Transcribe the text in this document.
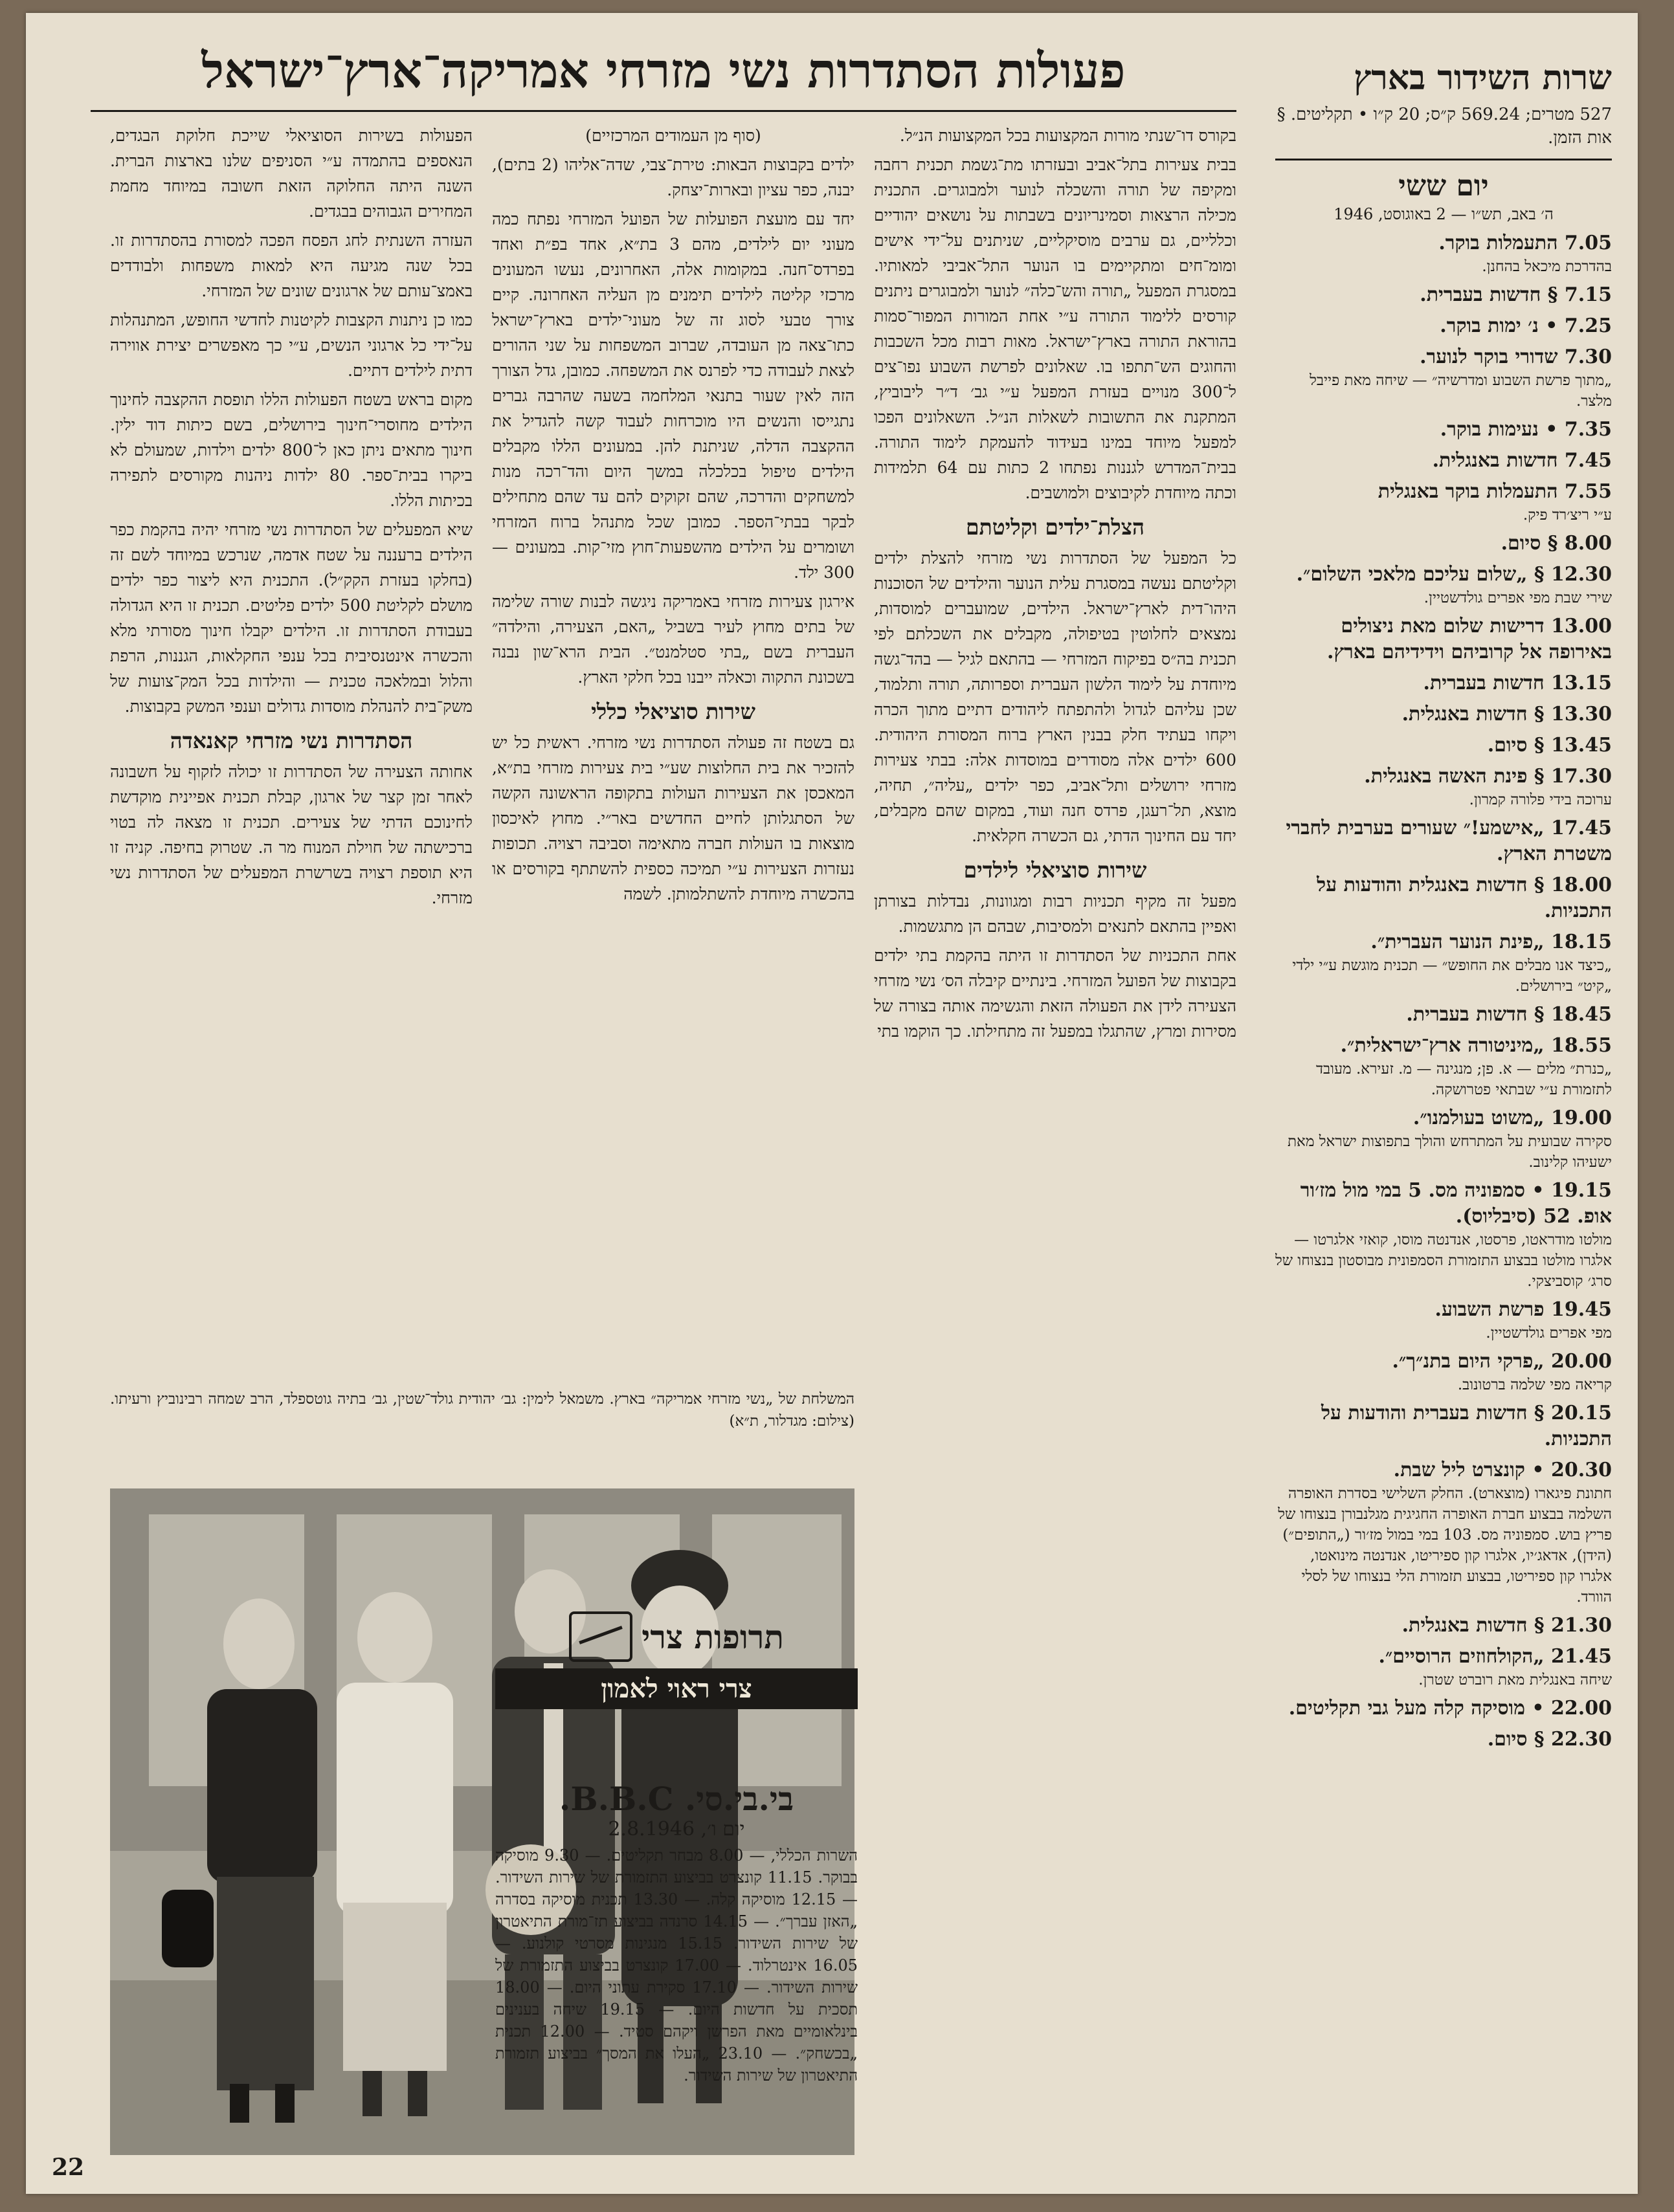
שרות השידור בארץ
527 מטרים; 569.24 ק״ס; 20 ק״ו • תקליטים. § אות הזמן.
יום ששי
ה׳ באב, תש״ו — 2 באוגוסט, 1946
7.05 התעמלות בוקר.
בהדרכת מיכאל בהחנן.
7.15 § חדשות בעברית.
7.25 • נ׳ ימות בוקר.
7.30 שדורי בוקר לנוער.
„מתוך פרשת השבוע ומדרשיה״ — שיחה מאת פייבל מלצר.
7.35 • נעימות בוקר.
7.45 חדשות באנגלית.
7.55 התעמלות בוקר באנגלית
ע״י ריצ׳רד פיק.
8.00 § סיום.
12.30 § „שלום עליכם מלאכי השלום״.
שירי שבת מפי אפרים גולדשטיין.
13.00 דרישות שלום מאת ניצולים באירופה אל קרוביהם וידידיהם בארץ.
13.15 חדשות בעברית.
13.30 § חדשות באנגלית.
13.45 § סיום.
17.30 § פינת האשה באנגלית.
ערוכה בידי פלורה קמרון.
17.45 „אישמע!״ שעורים בערבית לחברי משטרת הארץ.
18.00 § חדשות באנגלית והודעות על התכניות.
18.15 „פינת הנוער העברית״.
„כיצד אנו מבלים את החופש״ — תכנית מוגשת ע״י ילדי „קיט״ בירושלים.
18.45 § חדשות בעברית.
18.55 „מיניטורה ארץ־ישראלית״.
„כנרת״ מלים — א. פן; מנגינה — מ. זעירא. מעובד לתזמורת ע״י שבתאי פטרושקה.
19.00 „משוט בעולמנו״.
סקירה שבועית על המתרחש והולך בתפוצות ישראל מאת ישעיהו קלינוב.
19.15 • סמפוניה מס. 5 במי מול מז׳ור אופ. 52 (סיבליוס).
מולטו מודראטו, פרסטו, אנדנטה מוסו, קואזי אלגרטו — אלגרו מולטו בבצוע התזמורת הסמפונית מבוסטון בנצוחו של סרג׳ קוסביצקי.
19.45 פרשת השבוע.
מפי אפרים גולדשטיין.
20.00 „פרקי היום בתנ״ך״.
קריאה מפי שלמה ברטונוב.
20.15 § חדשות בעברית והודעות על התכניות.
20.30 • קונצרט ליל שבת.
חתונת פיגארו (מוצארט). החלק השלישי בסדרת האופרה השלמה בבצוע חברת האופרה החגיגית מגלנבורן בנצוחו של פריץ בוש. סמפוניה מס. 103 במי במול מז׳ור („התופים״) (הידן), אדאג׳יו, אלגרו קון ספיריטו, אנדנטה מינואטו, אלגרו קון ספיריטו, בבצוע תזמורת הלי בנצוחו של לסלי הוורד.
21.30 § חדשות באנגלית.
21.45 „הקולחוזים הרוסיים״.
שיחה באנגלית מאת רוברט שטרן.
22.00 • מוסיקה קלה מעל גבי תקליטים.
22.30 § סיום.
פעולות הסתדרות נשי מזרחי אמריקה־ארץ־ישראל

בקורס דו־שנתי מורות המקצועות בכל המקצועות הנ״ל.

בבית צעירות בתל־אביב ובעזרתו מת־גשמת תכנית רחבה ומקיפה של תורה והשכלה לנוער ולמבוגרים. התכנית מכילה הרצאות וסמינריונים בשבתות על נושאים יהודיים וכלליים, גם ערבים מוסיקליים, שניתנים על־ידי אישים ומומ־חים ומתקיימים בו הנוער התל־אביבי למאותיו. במסגרת המפעל „תורה והש־כלה״ לנוער ולמבוגרים ניתנים קורסים ללימוד התורה ע״י אחת המורות המפור־סמות בהוראת התורה בארץ־ישראל. מאות רבות מכל השכבות והחוגים הש־תתפו בו. שאלונים לפרשת השבוע נפו־צים ל־300 מנויים בעזרת המפעל ע״י גב׳ ד״ר ליבוביץ, המתקנת את התשובות לשאלות הנ״ל. השאלונים הפכו למפעל מיוחד במינו בעידוד להעמקת לימוד התורה. בבית־המדרש לגננות נפתחו 2 כתות עם 64 תלמידות וכתה מיוחדת לקיבוצים ולמושבים.

הצלת־ילדים וקליטתם

כל המפעל של הסתדרות נשי מזרחי להצלת ילדים וקליטתם נעשה במסגרת עלית הנוער והילדים של הסוכנות היהו־דית לארץ־ישראל. הילדים, שמועברים למוסדות, נמצאים לחלוטין בטיפולה, מקבלים את השכלתם לפי תכנית בה״ס בפיקוח המזרחי — בהתאם לגיל — בהד־גשה מיוחדת על לימוד הלשון העברית וספרותה, תורה ותלמוד, שכן עליהם לגדול ולהתפתח ליהודים דתיים מתוך הכרה ויקחו בעתיד חלק בבנין הארץ ברוח המסורת היהודית. 600 ילדים אלה מסודרים במוסדות אלה: בבתי צעירות מזרחי ירושלים ותל־אביב, כפר ילדים „עליה״, תחיה, מוצא, תל־רעגן, פרדס חנה ועוד, במקום שהם מקבלים, יחד עם החינוך הדתי, גם הכשרה חקלאית.

שירות סוציאלי לילדים

מפעל זה מקיף תכניות רבות ומגוונות, נבדלות בצורתן ואפיין בהתאם לתנאים ולמסיבות, שבהם הן מתגשמות.

אחת התכניות של הסתדרות זו היתה בהקמת בתי ילדים בקבוצות של הפועל המזרחי. בינתיים קיבלה הס׳ נשי מזרחי הצעירה לידן את הפעולה הזאת והגשימה אותה בצורה של מסירות ומרץ, שהתגלו במפעל זה מתחילתו. כך הוקמו בתי

(סוף מן העמודים המרכזיים)

ילדים בקבוצות הבאות: טירת־צבי, שדה־אליהו (2 בתים), יבנה, כפר עציון ובארות־יצחק.

יחד עם מועצת הפועלות של הפועל המזרחי נפתח כמה מעוני יום לילדים, מהם 3 בת״א, אחד בפ״ת ואחד בפרדס־חנה. במקומות אלה, האחרונים, נעשו המעונים מרכזי קליטה לילדים תימנים מן העליה האחרונה. קיים צורך טבעי לסוג זה של מעוני־ילדים בארץ־ישראל כתו־צאה מן העובדה, שברוב המשפחות על שני ההורים לצאת לעבודה כדי לפרנס את המשפחה. כמובן, גדל הצורך הזה לאין שעור בתנאי המלחמה בשעה שהרבה גברים נתגייסו והנשים היו מוכרחות לעבוד קשה להגדיל את ההקצבה הדלה, שניתנת להן. במעונים הללו מקבלים הילדים טיפול בכלכלה במשך היום והד־רכה מנות למשחקים והדרכה, שהם זקוקים להם עד שהם מתחילים לבקר בבתי־הספר. כמובן שכל מתנהל ברוח המזרחי ושומרים על הילדים מהשפעות־חוץ מזי־קות. במעונים — 300 ילד.

אירגון צעירות מזרחי באמריקה ניגשה לבנות שורה שלימה של בתים מחוץ לעיר בשביל „האם, הצעירה, והילדה״ העברית בשם „בתי סטלמנט״. הבית הרא־שון נבנה בשכונת התקוה וכאלה ייבנו בכל חלקי הארץ.

שירות סוציאלי כללי

גם בשטח זה פעולה הסתדרות נשי מזרחי. ראשית כל יש להזכיר את בית החלוצות שע״י בית צעירות מזרחי בת״א, המאכסן את הצעירות העולות בתקופה הראשונה הקשה של הסתגלותן לחיים החדשים באר״י. מחוץ לאיכסון מוצאות בו העולות חברה מתאימה וסביבה רצויה. תכופות נעזרות הצעירות ע״י תמיכה כספית להשתתף בקורסים או בהכשרה מיוחדת להשתלמותן. לשמה

הפעולות בשירות הסוציאלי שייכת חלוקת הבגדים, הנאספים בהתמדה ע״י הסניפים שלנו בארצות הברית. השנה היתה החלוקה הזאת חשובה במיוחד מחמת המחירים הגבוהים בבגדים.

העזרה השנתית לחג הפסח הפכה למסורת בהסתדרות זו. בכל שנה מגיעה היא למאות משפחות ולבודדים באמצ־עותם של ארגונים שונים של המזרחי.

כמו כן ניתנות הקצבות לקיטנות לחדשי החופש, המתנהלות על־ידי כל ארגוני הנשים, ע״י כך מאפשרים יצירת אווירה דתית לילדים דתיים.

מקום בראש בשטח הפעולות הללו תופסת ההקצבה לחינוך הילדים מחוסרי־חינוך בירושלים, בשם כיתות דוד ילין. חינוך מתאים ניתן כאן ל־800 ילדים וילדות, שמעולם לא ביקרו בבית־ספר. 80 ילדות ניהנות מקורסים לתפירה בכיתות הללו.

שיא המפעלים של הסתדרות נשי מזרחי יהיה בהקמת כפר הילדים ברעננה על שטח אדמה, שנרכש במיוחד לשם זה (בחלקו בעזרת הקק״ל). התכנית היא ליצור כפר ילדים מושלם לקליטת 500 ילדים פליטים. תכנית זו היא הגדולה בעבודת הסתדרות זו. הילדים יקבלו חינוך מסורתי מלא והכשרה אינטנסיבית בכל ענפי החקלאות, הגננות, הרפת והלול ובמלאכה טכנית — והילדות בכל המק־צועות של משק־בית להנהלת מוסדות גדולים וענפי המשק בקבוצות.

הסתדרות נשי מזרחי קאנאדה

אחותה הצעירה של הסתדרות זו יכולה לזקוף על חשבונה לאחר זמן קצר של ארגון, קבלת תכנית אפיינית מוקדשת לחינוכם הדתי של צעירים. תכנית זו מצאה לה בטוי ברכישתה של חוילת המנוח מר ה. שטרוק בחיפה. קניה זו היא תוספת רצויה בשרשרת המפעלים של הסתדרות נשי מזרחי.

המשלחת של „נשי מזרחי אמריקה״ בארץ. משמאל לימין: גב׳ יהודית גולד־שטין, גב׳ בתיה גוטספלד, הרב שמחה רבינוביץ ורעיתו. (צילום: מגדלור, ת״א)
תרופות צרי
צרי ראוי לאמון

בי.בי.סי. B.B.C.

יום ו׳, 2.8.1946

השרות הכללי, — 8.00 מבחר תקליטים. — 9.30 מוסיקה בבוקר. 11.15 קונצרט בביצוע התזמורת של שירות השידור. — 12.15 מוסיקה קלה. — 13.30 תכנית מוסיקה בסדרה „האזן עברך״. — 14.15 סרנדה בביצוע תז־מורת התיאטרון של שירות השידור. 15.15 מנגינות מסרטי קולנוע. — 16.05 אינטרלוד. — 17.00 קונצרט בביצוע התזמורת של שירות השידור. — 17.10 סקירת עתוני היום. — 18.00 תסכית על חדשות היום. — 19.15 שיחה בענינים בינלאומיים מאת הפרשן ויקהם סטיד. — 12.00 תכנית „בכשחק״. — 23.10 „העלו את המסך״ בביצוע תזמורת התיאטרון של שירות השידור.

22
